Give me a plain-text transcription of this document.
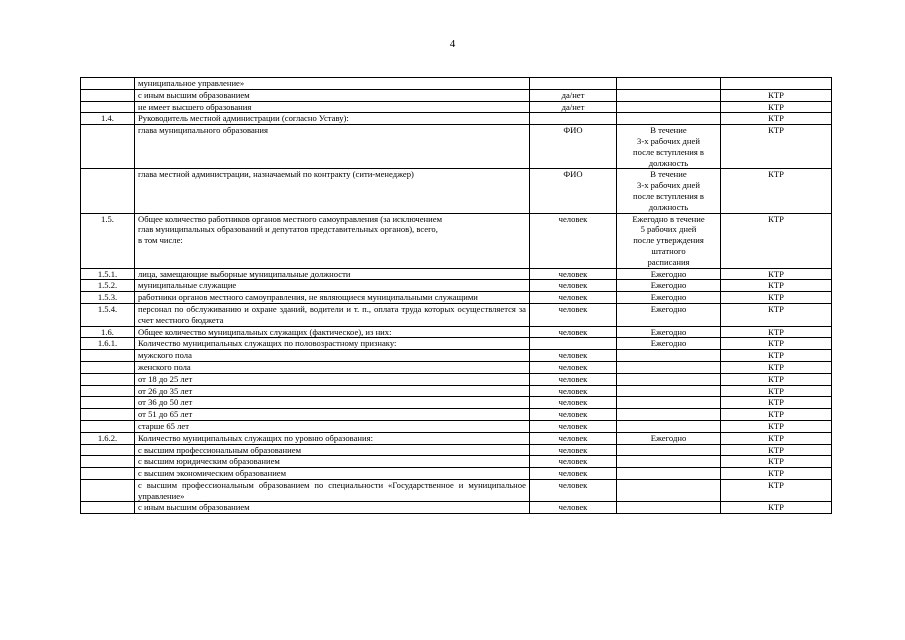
4
	муниципальное управление»			
	с иным высшим образованием	да/нет		КТР
	не имеет высшего образования	да/нет		КТР
1.4.	Руководитель местной администрации (согласно Уставу):			КТР
	глава муниципального образования	ФИО	В течение
3-х рабочих дней
после вступления в
должность	КТР
	глава местной администрации, назначаемый по контракту (сити-менеджер)	ФИО	В течение
3-х рабочих дней
после вступления в
должность	КТР
1.5.	Общее количество работников органов местного самоуправления (за исключением
глав муниципальных образований и депутатов представительных органов), всего,
в том числе:	человек	Ежегодно в течение
5 рабочих дней
после утверждения
штатного
расписания	КТР
1.5.1.	лица, замещающие выборные муниципальные должности	человек	Ежегодно	КТР
1.5.2.	муниципальные служащие	человек	Ежегодно	КТР
1.5.3.	работники органов местного самоуправления, не являющиеся муниципальными служащими	человек	Ежегодно	КТР
1.5.4.	персонал по обслуживанию и охране зданий, водители и т. п., оплата труда которых осуществляется за счет местного бюджета	человек	Ежегодно	КТР
1.6.	Общее количество муниципальных служащих (фактическое), из них:	человек	Ежегодно	КТР
1.6.1.	Количество муниципальных служащих по половозрастному признаку:		Ежегодно	КТР
	мужского пола	человек		КТР
	женского пола	человек		КТР
	от 18 до 25 лет	человек		КТР
	от 26 до 35 лет	человек		КТР
	от 36 до 50 лет	человек		КТР
	от 51 до 65 лет	человек		КТР
	старше 65 лет	человек		КТР
1.6.2.	Количество муниципальных служащих по уровню образования:	человек	Ежегодно	КТР
	с высшим профессиональным образованием	человек		КТР
	с высшим юридическим образованием	человек		КТР
	с высшим экономическим образованием	человек		КТР
	с высшим профессиональным образованием по специальности «Государственное и муниципальное управление»	человек		КТР
	с иным высшим образованием	человек		КТР
